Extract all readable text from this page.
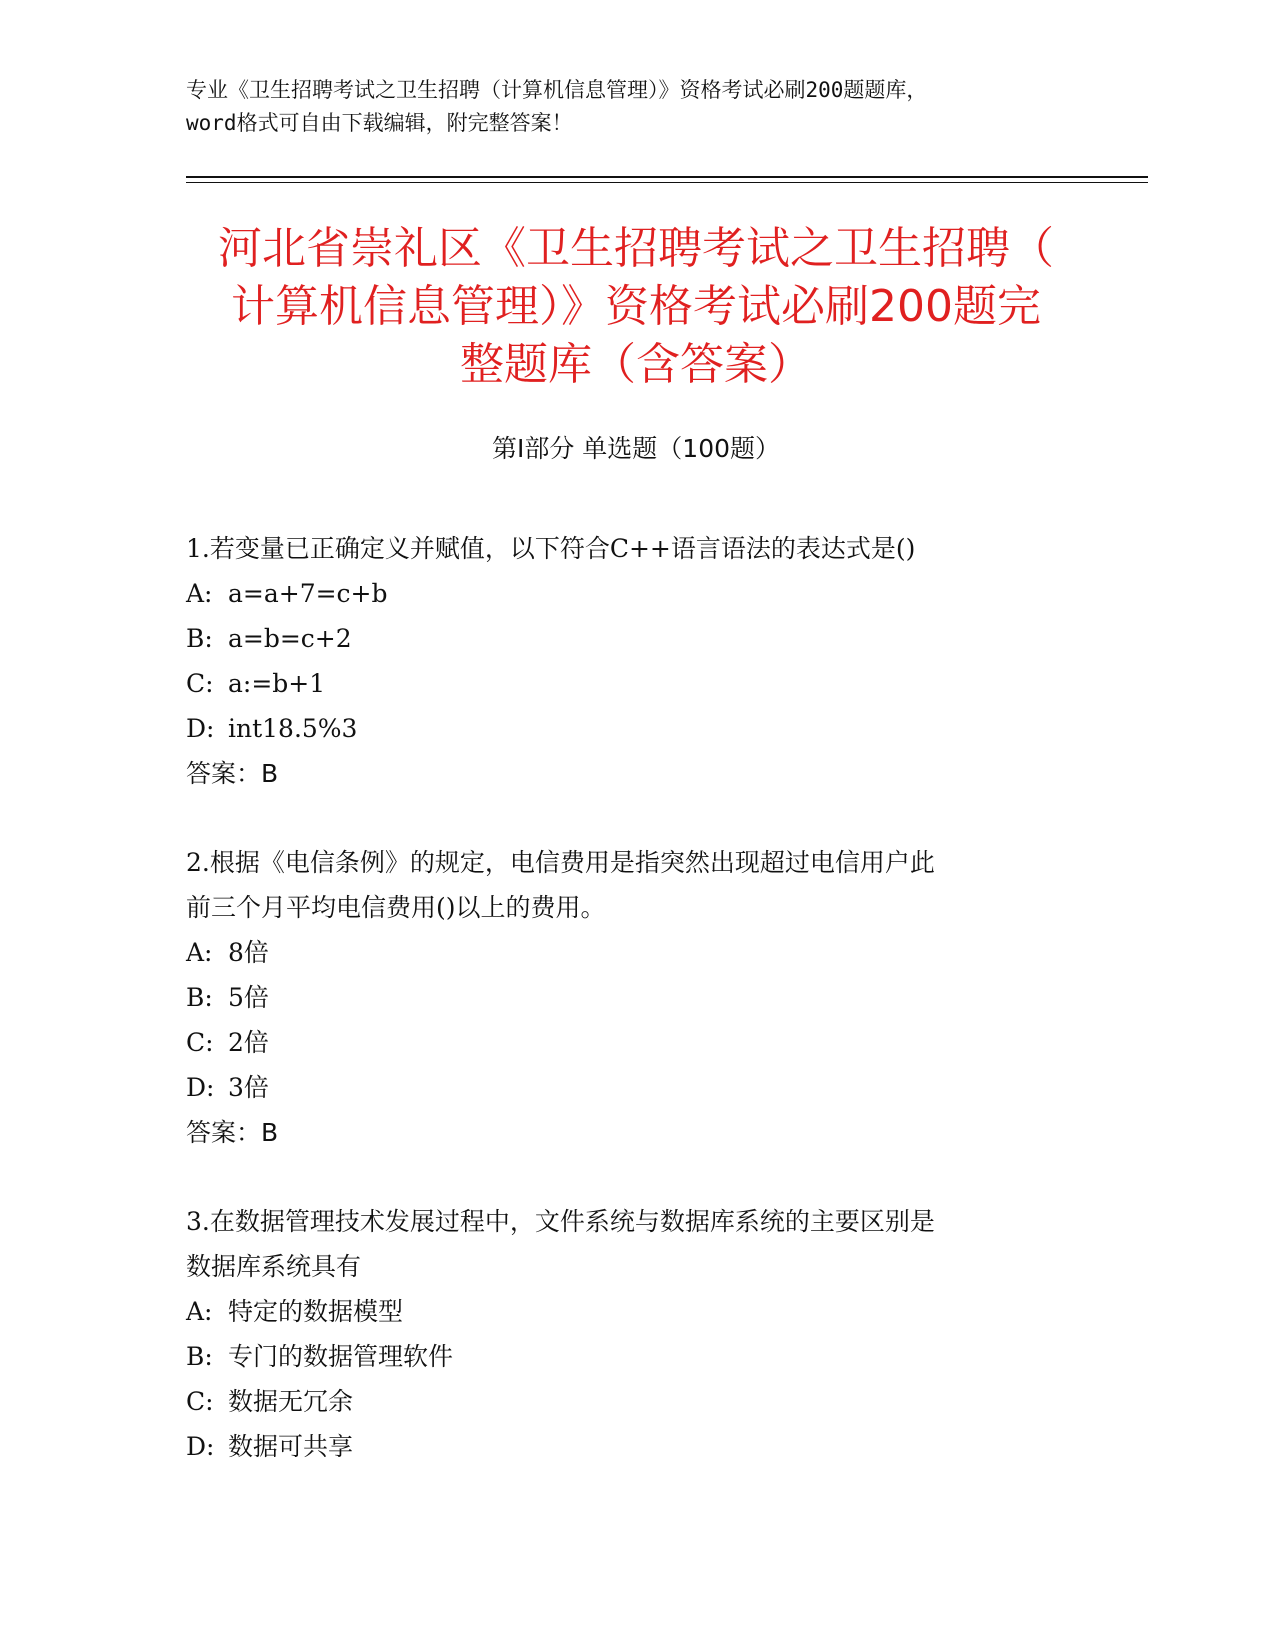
专业《卫生招聘考试之卫生招聘（计算机信息管理）》资格考试必刷200题题库，
word格式可自由下载编辑，附完整答案！
河北省崇礼区《卫生招聘考试之卫生招聘（
计算机信息管理）》资格考试必刷200题完
整题库（含答案）
第Ⅰ部分 单选题（100题）
1.若变量已正确定义并赋值，以下符合C++语言语法的表达式是()
A: a=a+7=c+b
B: a=b=c+2
C: a:=b+1
D: int18.5%3
答案：B
2.根据《电信条例》的规定，电信费用是指突然出现超过电信用户此
前三个月平均电信费用()以上的费用。
A: 8倍
B: 5倍
C: 2倍
D: 3倍
答案：B
3.在数据管理技术发展过程中，文件系统与数据库系统的主要区别是
数据库系统具有
A: 特定的数据模型
B: 专门的数据管理软件
C: 数据无冗余
D: 数据可共享
